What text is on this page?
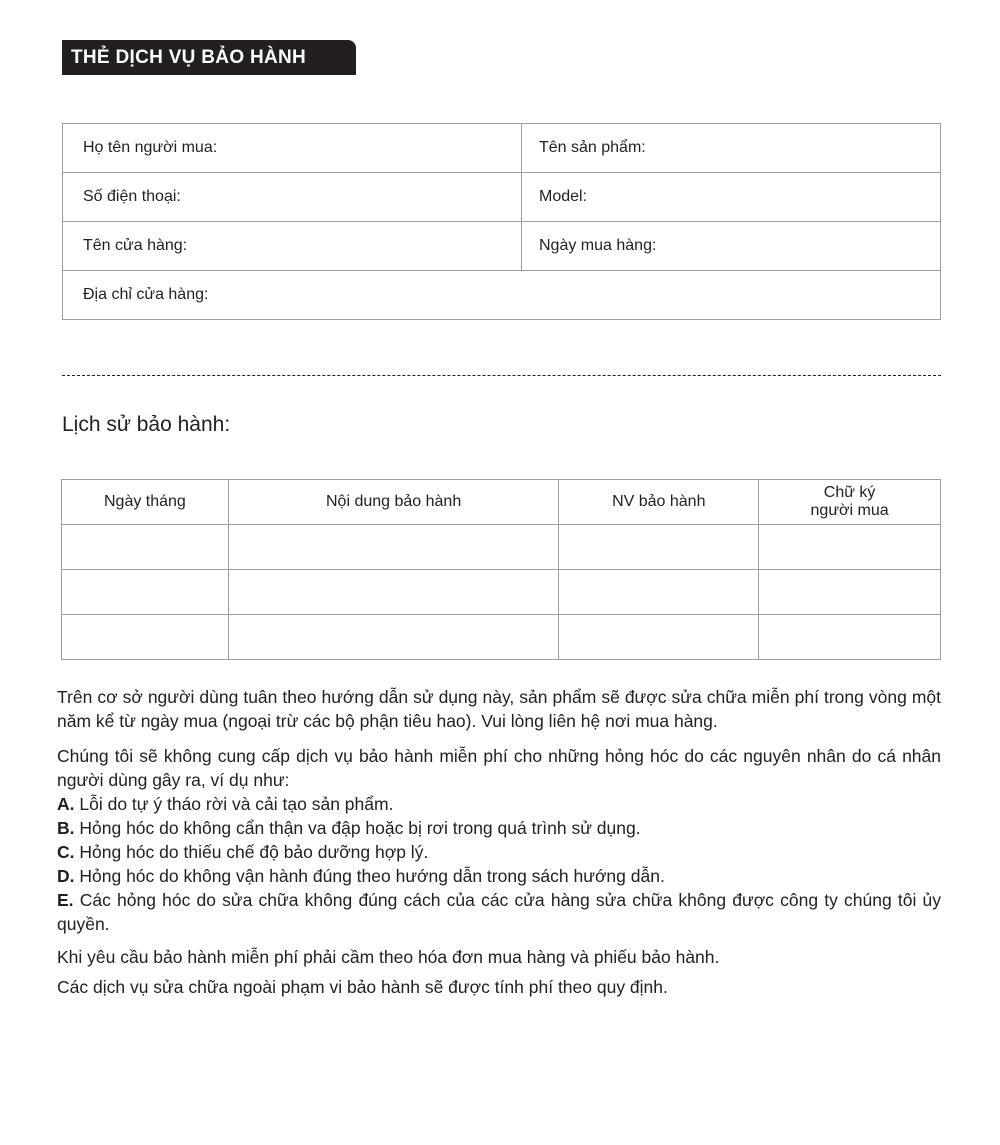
THẺ DỊCH VỤ BẢO HÀNH
Họ tên người mua:	Tên sản phẩm:
Số điện thoại:	Model:
Tên cửa hàng:	Ngày mua hàng:
Địa chỉ cửa hàng:	
Lịch sử bảo hành:
Ngày tháng	Nội dung bảo hành	NV bảo hành	Chữ ký
người mua

Trên cơ sở người dùng tuân theo hướng dẫn sử dụng này, sản phẩm sẽ được sửa chữa miễn phí trong vòng một năm kể từ ngày mua (ngoại trừ các bộ phận tiêu hao). Vui lòng liên hệ nơi mua hàng.

Chúng tôi sẽ không cung cấp dịch vụ bảo hành miễn phí cho những hỏng hóc do các nguyên nhân do cá nhân người dùng gây ra, ví dụ như:

A. Lỗi do tự ý tháo rời và cải tạo sản phẩm.

B. Hỏng hóc do không cẩn thận va đập hoặc bị rơi trong quá trình sử dụng.

C. Hỏng hóc do thiếu chế độ bảo dưỡng hợp lý.

D. Hỏng hóc do không vận hành đúng theo hướng dẫn trong sách hướng dẫn.

E. Các hỏng hóc do sửa chữa không đúng cách của các cửa hàng sửa chữa không được công ty chúng tôi ủy quyền.

Khi yêu cầu bảo hành miễn phí phải cầm theo hóa đơn mua hàng và phiếu bảo hành.

Các dịch vụ sửa chữa ngoài phạm vi bảo hành sẽ được tính phí theo quy định.
